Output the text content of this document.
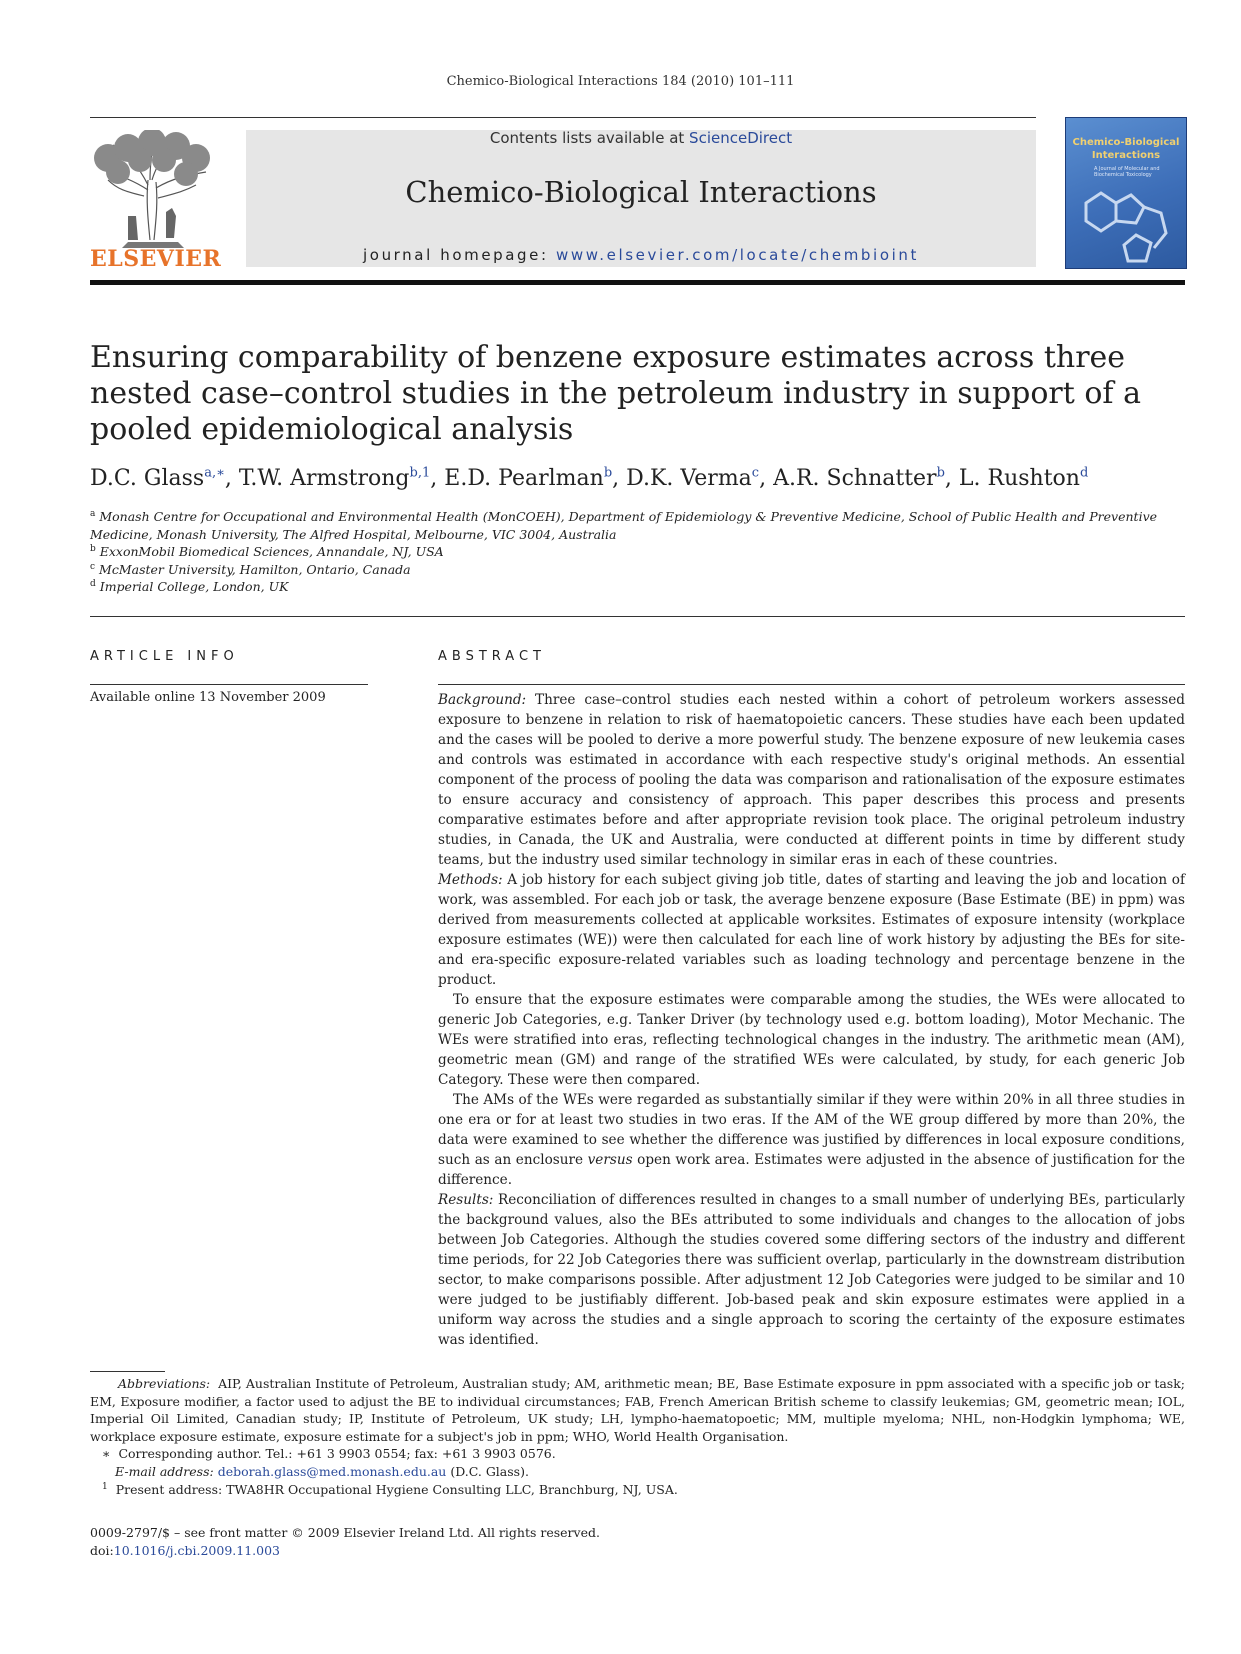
Chemico-Biological Interactions 184 (2010) 101–111
ELSEVIER
Contents lists available at ScienceDirect
Chemico-Biological Interactions
journal homepage: www.elsevier.com/locate/chembioint
Chemico-Biological Interactions
A Journal of Molecular and Biochemical Toxicology
Ensuring comparability of benzene exposure estimates across three nested case–control studies in the petroleum industry in support of a pooled epidemiological analysis
D.C. Glass$^{a,∗}$, T.W. Armstrong$^{b,1}$, E.D. Pearlman$^b$, D.K. Verma$^c$, A.R. Schnatter$^b$, L. Rushton$^d$
$^a$ Monash Centre for Occupational and Environmental Health (MonCOEH), Department of Epidemiology & Preventive Medicine, School of Public Health and Preventive Medicine, Monash University, The Alfred Hospital, Melbourne, VIC 3004, Australia
$^b$ ExxonMobil Biomedical Sciences, Annandale, NJ, USA
$^c$ McMaster University, Hamilton, Ontario, Canada
$^d$ Imperial College, London, UK
ARTICLE INFO
Available online 13 November 2009
ABSTRACT

Background: Three case–control studies each nested within a cohort of petroleum workers assessed exposure to benzene in relation to risk of haematopoietic cancers. These studies have each been updated and the cases will be pooled to derive a more powerful study. The benzene exposure of new leukemia cases and controls was estimated in accordance with each respective study's original methods. An essential component of the process of pooling the data was comparison and rationalisation of the exposure estimates to ensure accuracy and consistency of approach. This paper describes this process and presents comparative estimates before and after appropriate revision took place. The original petroleum industry studies, in Canada, the UK and Australia, were conducted at different points in time by different study teams, but the industry used similar technology in similar eras in each of these countries.

Methods: A job history for each subject giving job title, dates of starting and leaving the job and location of work, was assembled. For each job or task, the average benzene exposure (Base Estimate (BE) in ppm) was derived from measurements collected at applicable worksites. Estimates of exposure intensity (workplace exposure estimates (WE)) were then calculated for each line of work history by adjusting the BEs for site- and era-specific exposure-related variables such as loading technology and percentage benzene in the product.

To ensure that the exposure estimates were comparable among the studies, the WEs were allocated to generic Job Categories, e.g. Tanker Driver (by technology used e.g. bottom loading), Motor Mechanic. The WEs were stratified into eras, reflecting technological changes in the industry. The arithmetic mean (AM), geometric mean (GM) and range of the stratified WEs were calculated, by study, for each generic Job Category. These were then compared.

The AMs of the WEs were regarded as substantially similar if they were within 20% in all three studies in one era or for at least two studies in two eras. If the AM of the WE group differed by more than 20%, the data were examined to see whether the difference was justified by differences in local exposure conditions, such as an enclosure versus open work area. Estimates were adjusted in the absence of justification for the difference.

Results: Reconciliation of differences resulted in changes to a small number of underlying BEs, particularly the background values, also the BEs attributed to some individuals and changes to the allocation of jobs between Job Categories. Although the studies covered some differing sectors of the industry and different time periods, for 22 Job Categories there was sufficient overlap, particularly in the downstream distribution sector, to make comparisons possible. After adjustment 12 Job Categories were judged to be similar and 10 were judged to be justifiably different. Job-based peak and skin exposure estimates were applied in a uniform way across the studies and a single approach to scoring the certainty of the exposure estimates was identified.

Abbreviations: AIP, Australian Institute of Petroleum, Australian study; AM, arithmetic mean; BE, Base Estimate exposure in ppm associated with a specific job or task; EM, Exposure modifier, a factor used to adjust the BE to individual circumstances; FAB, French American British scheme to classify leukemias; GM, geometric mean; IOL, Imperial Oil Limited, Canadian study; IP, Institute of Petroleum, UK study; LH, lympho-haematopoetic; MM, multiple myeloma; NHL, non-Hodgkin lymphoma; WE, workplace exposure estimate, exposure estimate for a subject's job in ppm; WHO, World Health Organisation.

∗ Corresponding author. Tel.: +61 3 9903 0554; fax: +61 3 9903 0576.

E-mail address: deborah.glass@med.monash.edu.au (D.C. Glass).

$^1$ Present address: TWA8HR Occupational Hygiene Consulting LLC, Branchburg, NJ, USA.

0009-2797/$ – see front matter © 2009 Elsevier Ireland Ltd. All rights reserved.
doi:10.1016/j.cbi.2009.11.003
